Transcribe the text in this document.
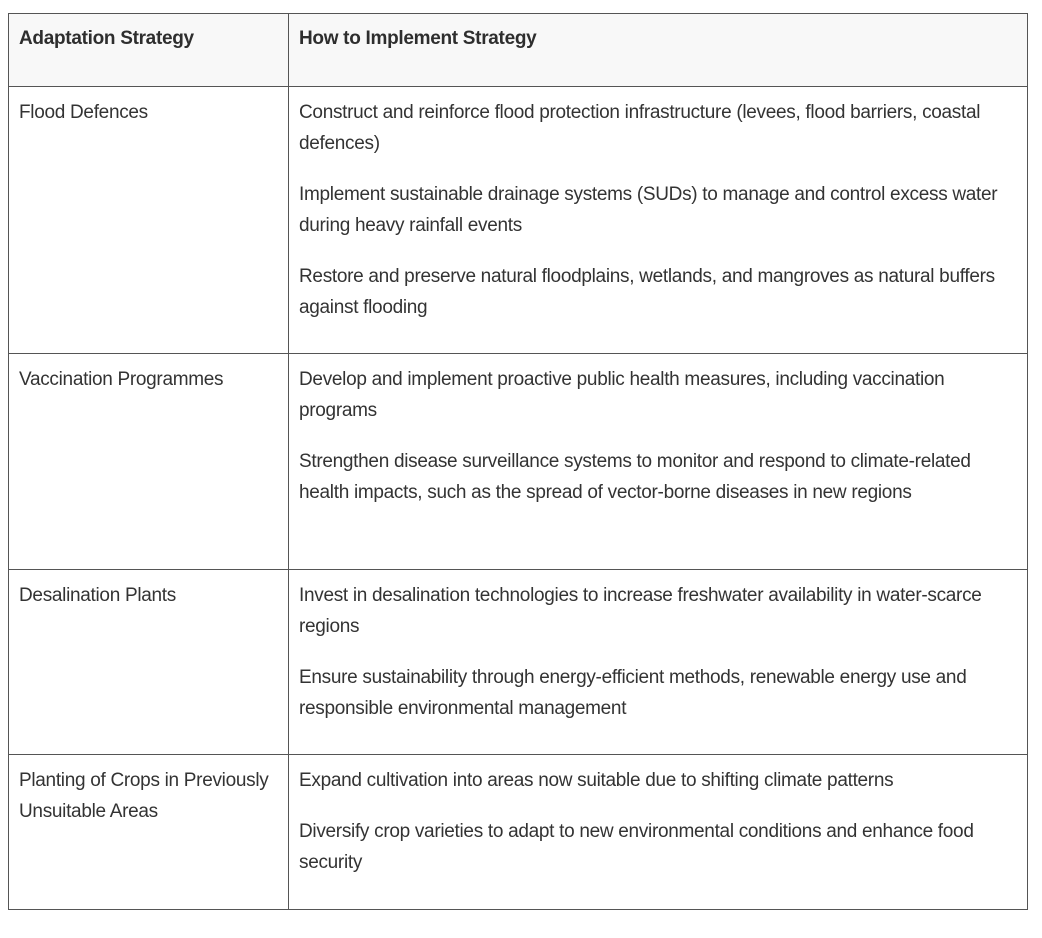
Adaptation Strategy	How to Implement Strategy
Flood Defences	Construct and reinforce flood protection infrastructure (levees, flood barriers, coastal defences)

Implement sustainable drainage systems (SUDs) to manage and control excess water during heavy rainfall events

Restore and preserve natural floodplains, wetlands, and mangroves as natural buffers against flooding

Vaccination Programmes	Develop and implement proactive public health measures, including vaccination programs

Strengthen disease surveillance systems to monitor and respond to climate-related health impacts, such as the spread of vector-borne diseases in new regions

Desalination Plants	Invest in desalination technologies to increase freshwater availability in water-scarce regions

Ensure sustainability through energy-efficient methods, renewable energy use and responsible environmental management

Planting of Crops in Previously Unsuitable Areas	Expand cultivation into areas now suitable due to shifting climate patterns

Diversify crop varieties to adapt to new environmental conditions and enhance food security
